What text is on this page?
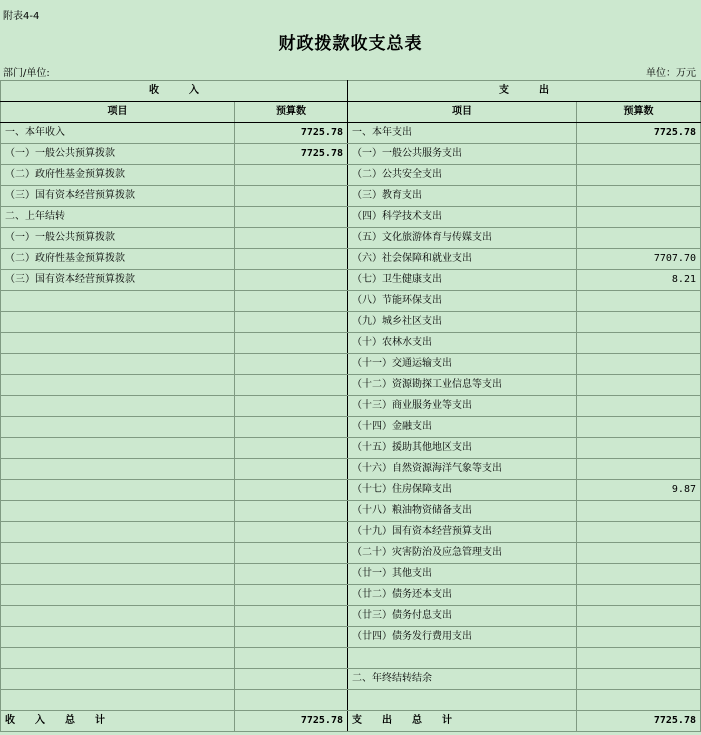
附表4-4
财政拨款收支总表
部门/单位:	单位：万元
收　　　入		支　　　出	
项目	预算数	项目	预算数
一、本年收入	7725.78	一、本年支出	7725.78
（一）一般公共预算拨款	7725.78	（一）一般公共服务支出	
（二）政府性基金预算拨款		（二）公共安全支出	
（三）国有资本经营预算拨款		（三）教育支出	
二、上年结转		（四）科学技术支出	
（一）一般公共预算拨款		（五）文化旅游体育与传媒支出	
（二）政府性基金预算拨款		（六）社会保障和就业支出	7707.70
（三）国有资本经营预算拨款		（七）卫生健康支出	8.21
		（八）节能环保支出	
		（九）城乡社区支出	
		（十）农林水支出	
		（十一）交通运输支出	
		（十二）资源勘探工业信息等支出	
		（十三）商业服务业等支出	
		（十四）金融支出	
		（十五）援助其他地区支出	
		（十六）自然资源海洋气象等支出	
		（十七）住房保障支出	9.87
		（十八）粮油物资储备支出	
		（十九）国有资本经营预算支出	
		（二十）灾害防治及应急管理支出	
		（廿一）其他支出	
		（廿二）债务还本支出	
		（廿三）债务付息支出	
		（廿四）债务发行费用支出	

		二、年终结转结余	

收　　入　　总　　计	7725.78	支　　出　　总　　计	7725.78
